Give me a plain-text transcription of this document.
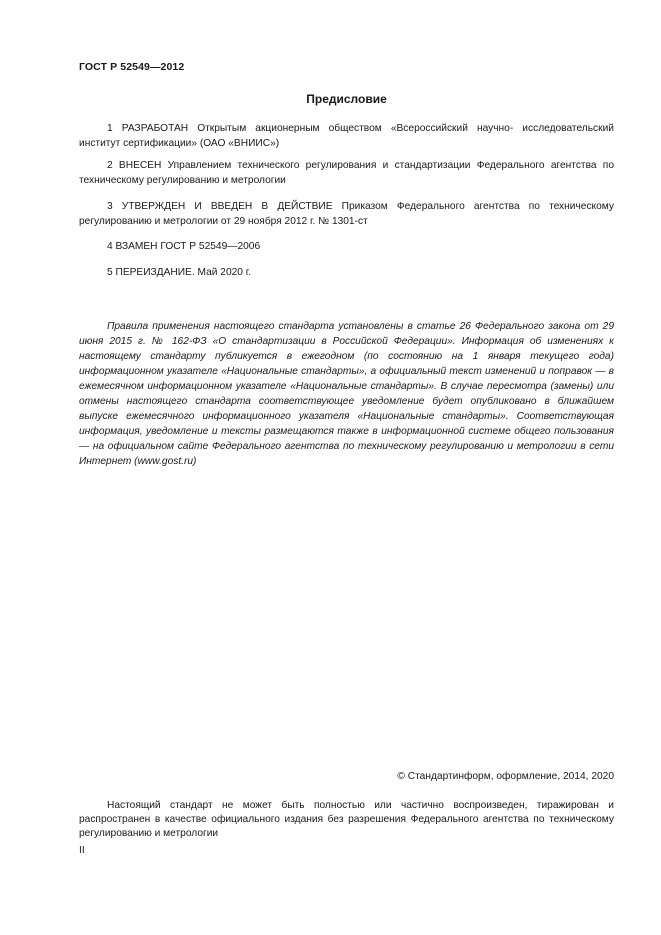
ГОСТ Р 52549—2012
Предисловие

1 РАЗРАБОТАН Открытым акционерным обществом «Всероссийский научно- исследовательский институт сертификации» (ОАО «ВНИИС»)

2 ВНЕСЕН Управлением технического регулирования и стандартизации Федерального агентства по техническому регулированию и метрологии

3 УТВЕРЖДЕН И ВВЕДЕН В ДЕЙСТВИЕ Приказом Федерального агентства по техническому регулированию и метрологии от 29 ноября 2012 г. № 1301-ст

4 ВЗАМЕН ГОСТ Р 52549—2006

5 ПЕРЕИЗДАНИЕ. Май 2020 г.

Правила применения настоящего стандарта установлены в статье 26 Федерального закона от 29 июня 2015 г. № 162-ФЗ «О стандартизации в Российской Федерации». Информация об изменениях к настоящему стандарту публикуется в ежегодном (по состоянию на 1 января текущего года) информационном указателе «Национальные стандарты», а официальный текст изменений и поправок — в ежемесячном информационном указателе «Национальные стандарты». В случае пересмотра (замены) или отмены настоящего стандарта соответствующее уведомление будет опубликовано в ближайшем выпуске ежемесячного информационного указателя «Национальные стандарты». Соответствующая информация, уведомление и тексты размещаются также в информационной системе общего пользования — на официальном сайте Федерального агентства по техническому регулированию и метрологии в сети Интернет (www.gost.ru)

© Стандартинформ, оформление, 2014, 2020

Настоящий стандарт не может быть полностью или частично воспроизведен, тиражирован и распространен в качестве официального издания без разрешения Федерального агентства по техническому регулированию и метрологии

II
